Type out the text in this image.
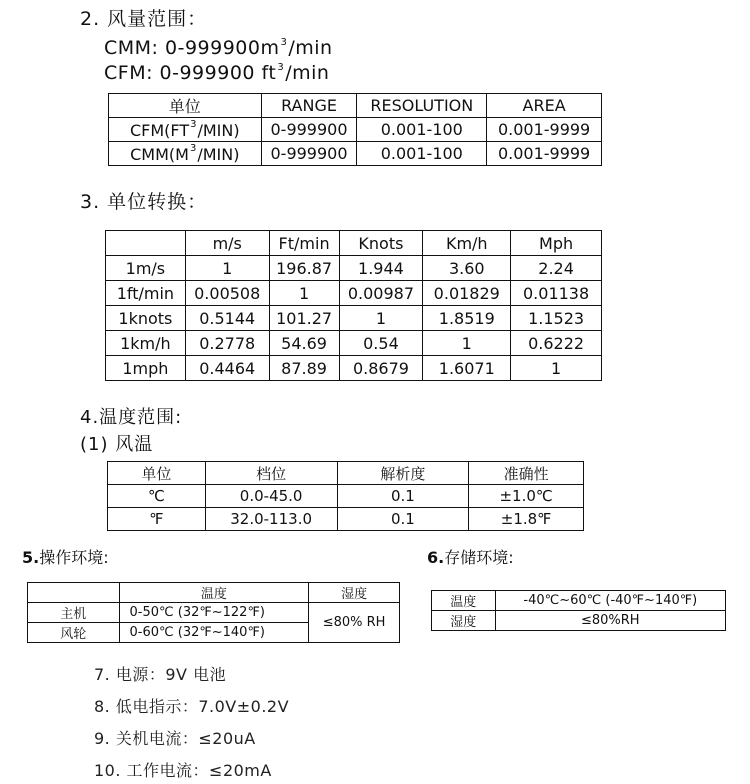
2. 风量范围：
CMM: $0-999900m^3/\min$
CFM: 0-999900 $ft^3/\min$
单位	RANGE	RESOLUTION	AREA
$CFM(FT^3/MIN)$	0-999900	0.001-100	0.001-9999
$CMM(M^3/MIN)$	0-999900	0.001-100	0.001-9999
3. 单位转换：
	m/s	Ft/min	Knots	Km/h	Mph
1m/s	1	196.87	1.944	3.60	2.24
1ft/min	0.00508	1	0.00987	0.01829	0.01138
1knots	0.5144	101.27	1	1.8519	1.1523
1km/h	0.2778	54.69	0.54	1	0.6222
1mph	0.4464	87.89	0.8679	1.6071	1
4.温度范围:
(1) 风温
单位	档位	解析度	准确性
℃	0.0-45.0	0.1	±1.0℃
℉	32.0-113.0	0.1	±1.8℉
5.操作环境:
	温度	湿度
主机	0-50℃ (32℉~122℉)	≤80% RH
风轮	0-60℃ (32℉~140℉)	
6.存储环境:
温度	-40℃~60℃ (-40℉~140℉)
湿度	≤80%RH
7. 电源：9V 电池
8. 低电指示：7.0V±0.2V
9. 关机电流：≤20uA
10. 工作电流：≤20mA
